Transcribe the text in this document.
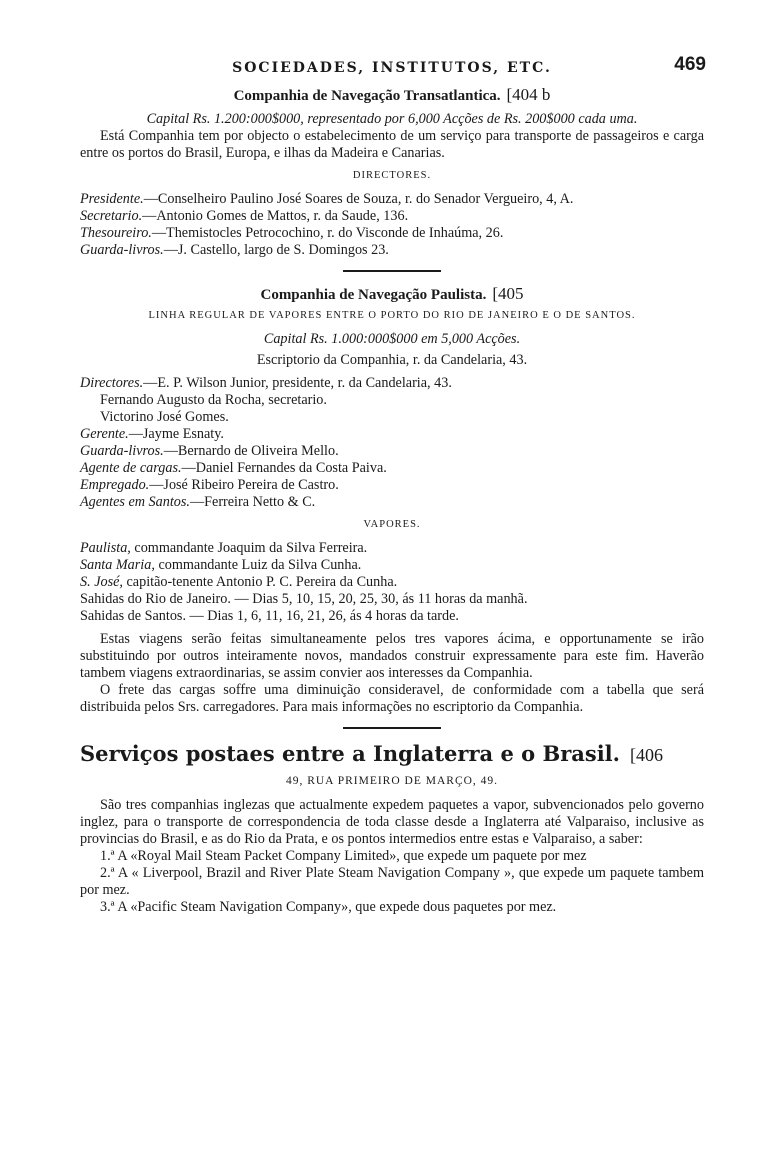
SOCIEDADES, INSTITUTOS, ETC.	469
Companhia de Navegação Transatlantica. [404 b

Capital Rs. 1.200:000$000, representado por 6,000 Acções de Rs. 200$000 cada uma.

Está Companhia tem por objecto o estabelecimento de um serviço para transporte de passageiros e carga entre os portos do Brasil, Europa, e ilhas da Madeira e Canarias.

DIRECTORES.

Presidente.—Conselheiro Paulino José Soares de Souza, r. do Senador Vergueiro, 4, A.

Secretario.—Antonio Gomes de Mattos, r. da Saude, 136.

Thesoureiro.—Themistocles Petrocochino, r. do Visconde de Inhaúma, 26.

Guarda-livros.—J. Castello, largo de S. Domingos 23.

Companhia de Navegação Paulista. [405

LINHA REGULAR DE VAPORES ENTRE O PORTO DO RIO DE JANEIRO E O DE SANTOS.

Capital Rs. 1.000:000$000 em 5,000 Acções.

Escriptorio da Companhia, r. da Candelaria, 43.

Directores.—E. P. Wilson Junior, presidente, r. da Candelaria, 43.

Fernando Augusto da Rocha, secretario.

Victorino José Gomes.

Gerente.—Jayme Esnaty.

Guarda-livros.—Bernardo de Oliveira Mello.

Agente de cargas.—Daniel Fernandes da Costa Paiva.

Empregado.—José Ribeiro Pereira de Castro.

Agentes em Santos.—Ferreira Netto & C.

VAPORES.

Paulista, commandante Joaquim da Silva Ferreira.

Santa Maria, commandante Luiz da Silva Cunha.

S. José, capitão-tenente Antonio P. C. Pereira da Cunha.

Sahidas do Rio de Janeiro. — Dias 5, 10, 15, 20, 25, 30, ás 11 horas da manhã.

Sahidas de Santos. — Dias 1, 6, 11, 16, 21, 26, ás 4 horas da tarde.

Estas viagens serão feitas simultaneamente pelos tres vapores ácima, e opportunamente se irão substituindo por outros inteiramente novos, mandados construir expressamente para este fim. Haverão tambem viagens extraordinarias, se assim convier aos interesses da Companhia.

O frete das cargas soffre uma diminuição consideravel, de conformidade com a tabella que será distribuida pelos Srs. carregadores. Para mais informações no escriptorio da Companhia.

Serviços postaes entre a Inglaterra e o Brasil. [406

49, RUA PRIMEIRO DE MARÇO, 49.

São tres companhias inglezas que actualmente expedem paquetes a vapor, subvencionados pelo governo inglez, para o transporte de correspondencia de toda classe desde a Inglaterra até Valparaiso, inclusive as provincias do Brasil, e as do Rio da Prata, e os pontos intermedios entre estas e Valparaiso, a saber:

1.ª A «Royal Mail Steam Packet Company Limited», que expede um paquete por mez

2.ª A « Liverpool, Brazil and River Plate Steam Navigation Company », que expede um paquete tambem por mez.

3.ª A «Pacific Steam Navigation Company», que expede dous paquetes por mez.
